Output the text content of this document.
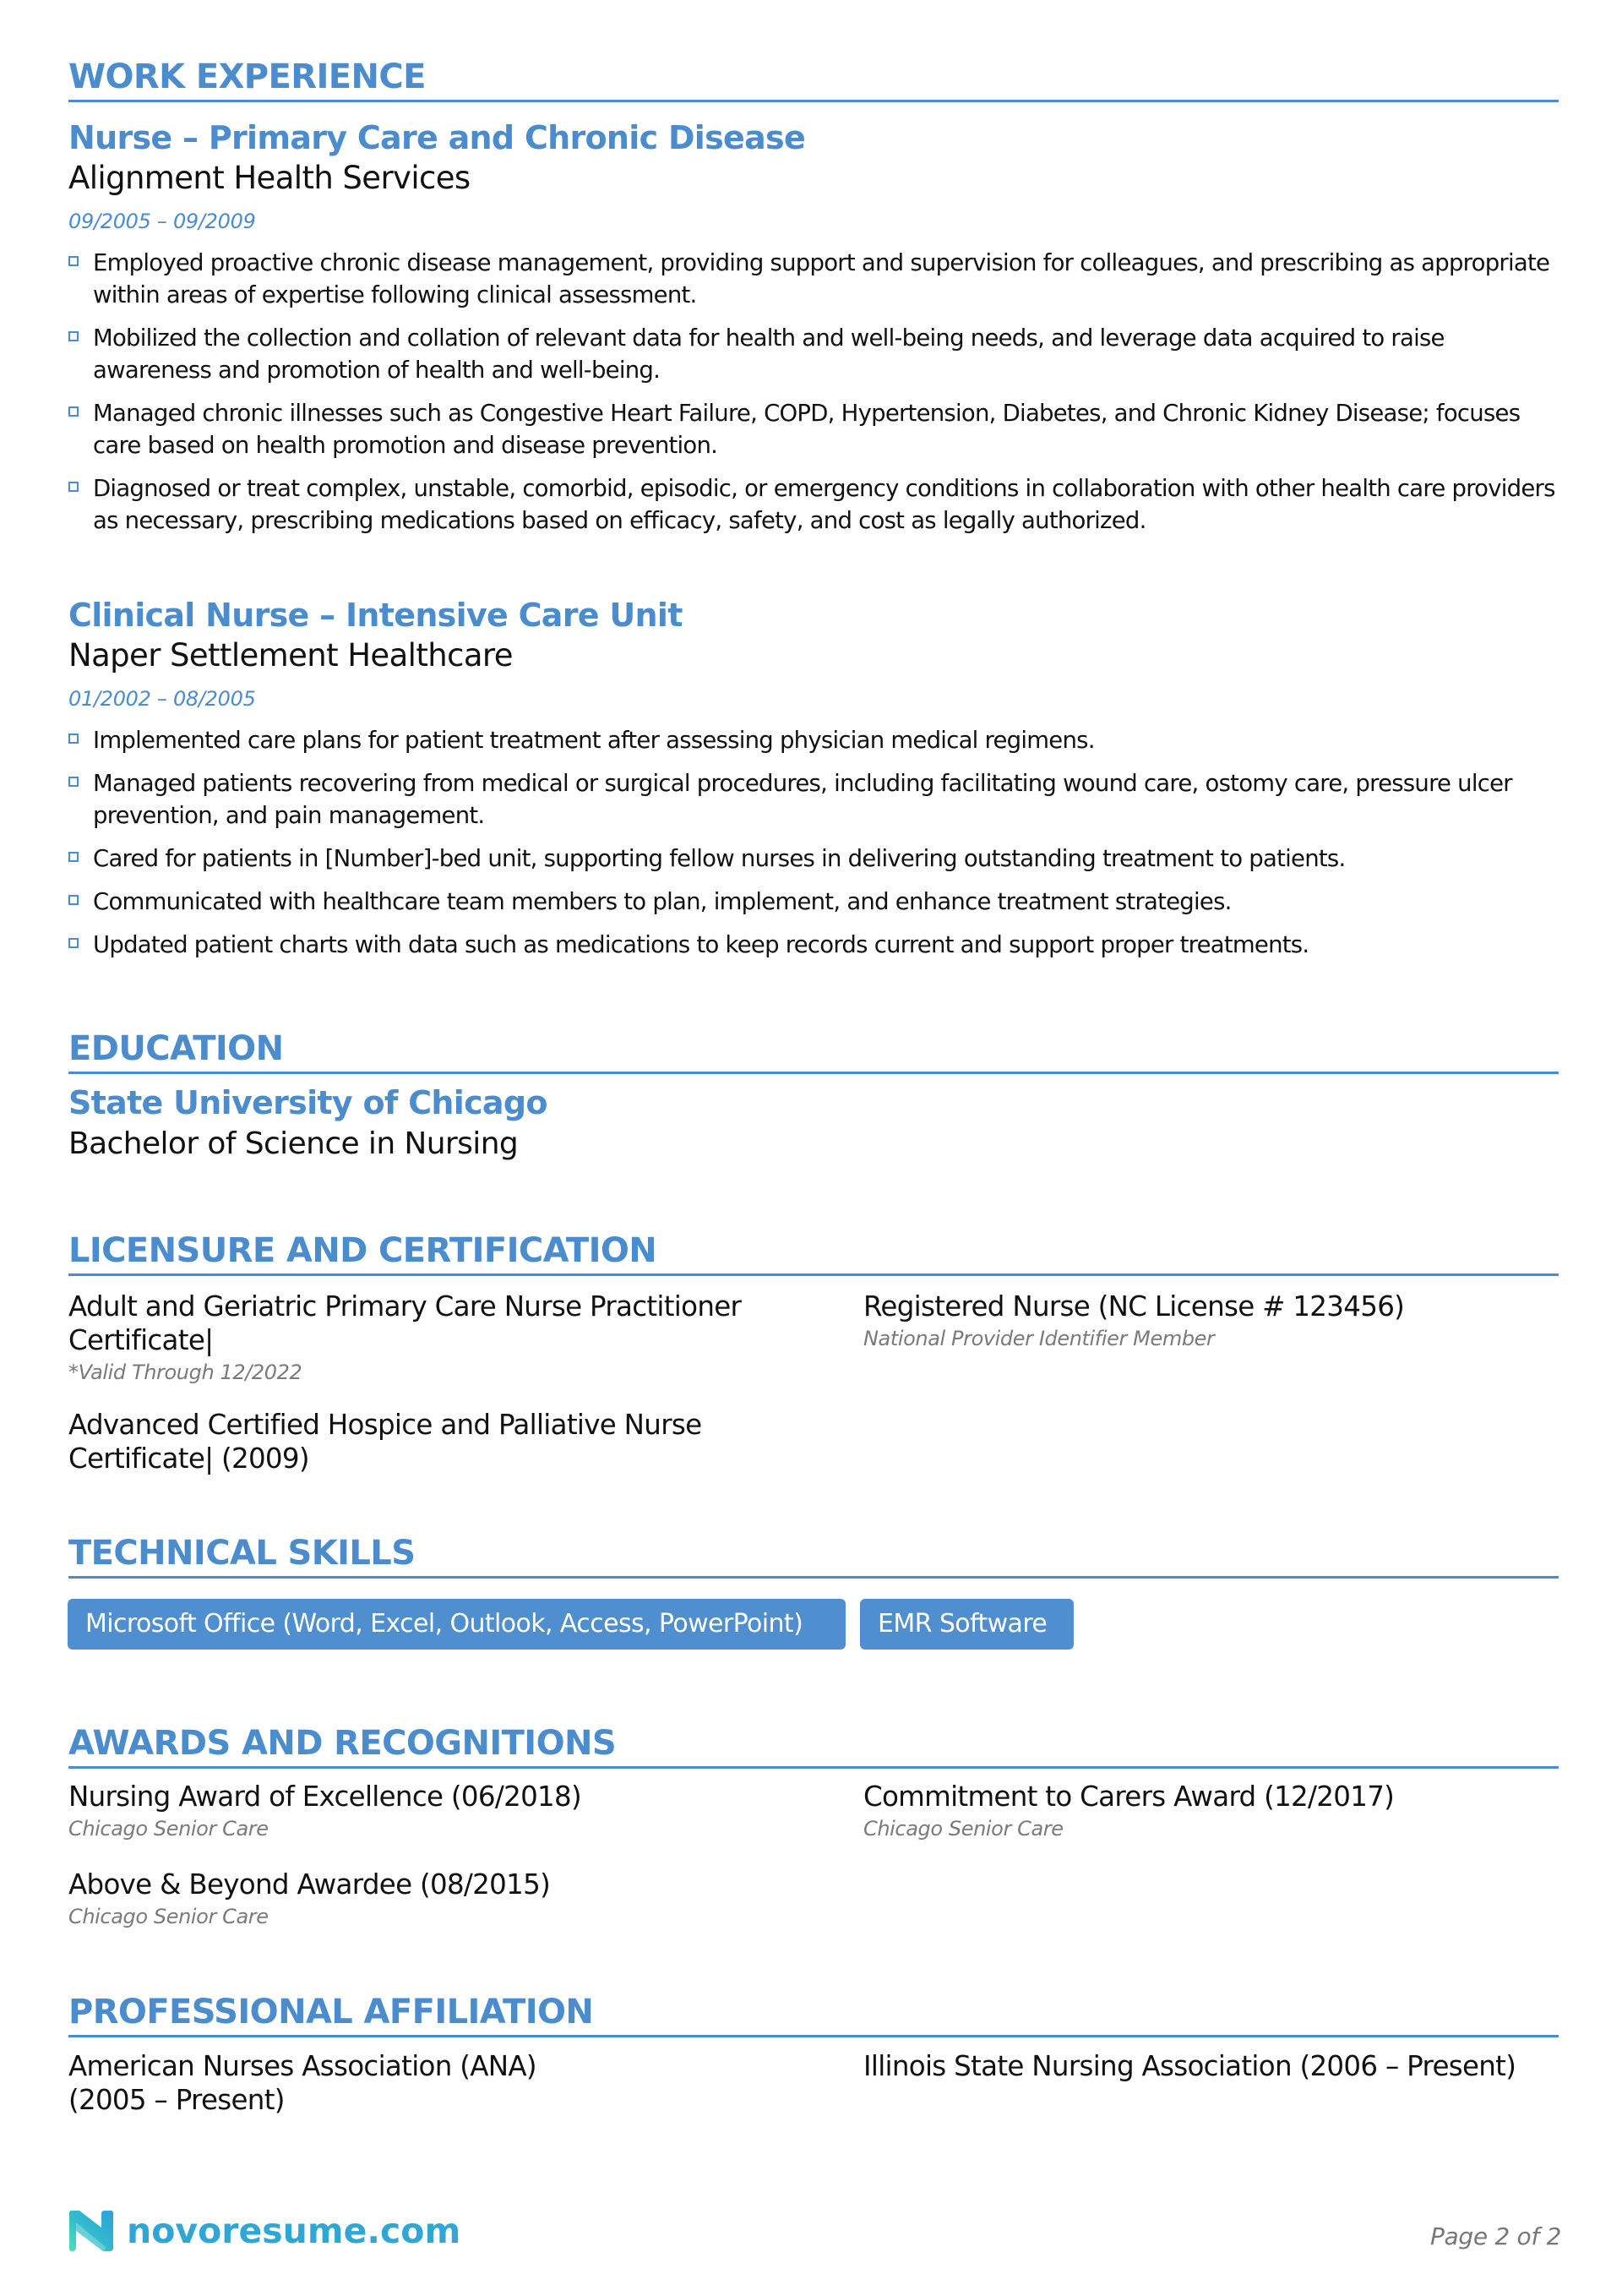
WORK EXPERIENCE
Nurse – Primary Care and Chronic Disease
Alignment Health Services
09/2005 – 09/2009
Employed proactive chronic disease management, providing support and supervision for colleagues, and prescribing as appropriate within areas of expertise following clinical assessment.
Mobilized the collection and collation of relevant data for health and well-being needs, and leverage data acquired to raise awareness and promotion of health and well-being.
Managed chronic illnesses such as Congestive Heart Failure, COPD, Hypertension, Diabetes, and Chronic Kidney Disease; focuses care based on health promotion and disease prevention.
Diagnosed or treat complex, unstable, comorbid, episodic, or emergency conditions in collaboration with other health care providers as necessary, prescribing medications based on efficacy, safety, and cost as legally authorized.
Clinical Nurse – Intensive Care Unit
Naper Settlement Healthcare
01/2002 – 08/2005
Implemented care plans for patient treatment after assessing physician medical regimens.
Managed patients recovering from medical or surgical procedures, including facilitating wound care, ostomy care, pressure ulcer prevention, and pain management.
Cared for patients in [Number]-bed unit, supporting fellow nurses in delivering outstanding treatment to patients.
Communicated with healthcare team members to plan, implement, and enhance treatment strategies.
Updated patient charts with data such as medications to keep records current and support proper treatments.
EDUCATION
State University of Chicago
Bachelor of Science in Nursing
LICENSURE AND CERTIFICATION
Adult and Geriatric Primary Care Nurse Practitioner Certificate|
*Valid Through 12/2022
Registered Nurse (NC License # 123456)
National Provider Identifier Member
Advanced Certified Hospice and Palliative Nurse Certificate| (2009)
TECHNICAL SKILLS
Microsoft Office (Word, Excel, Outlook, Access, PowerPoint)	EMR Software
AWARDS AND RECOGNITIONS
Nursing Award of Excellence (06/2018)
Chicago Senior Care
Commitment to Carers Award (12/2017)
Chicago Senior Care
Above & Beyond Awardee (08/2015)
Chicago Senior Care
PROFESSIONAL AFFILIATION
American Nurses Association (ANA) (2005 – Present)
Illinois State Nursing Association (2006 – Present)
novoresume.com	Page 2 of 2
